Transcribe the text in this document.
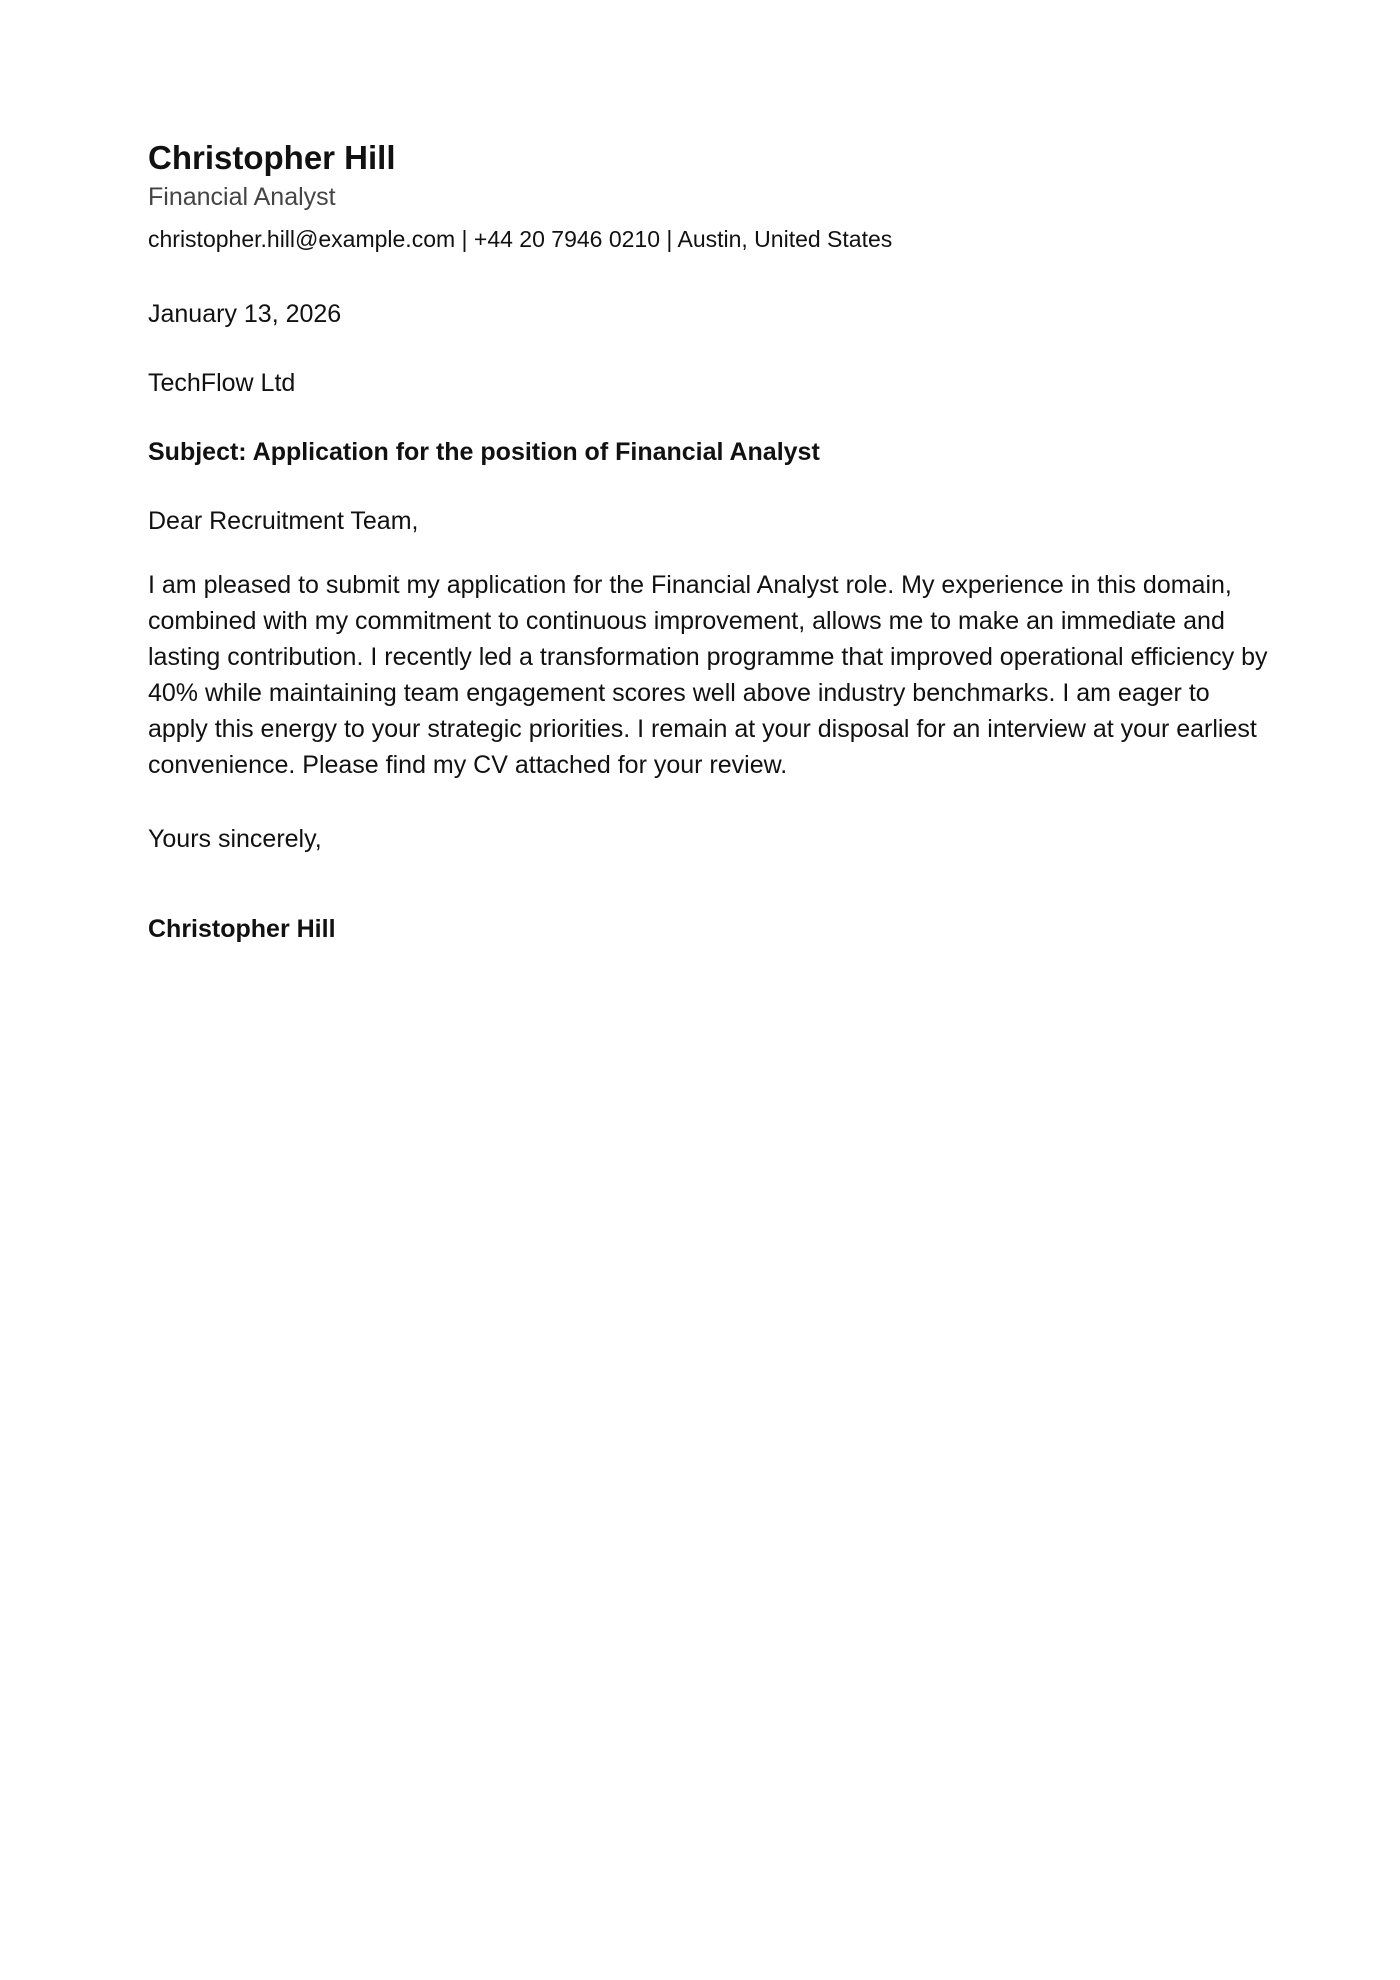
Christopher Hill
Financial Analyst
christopher.hill@example.com | +44 20 7946 0210 | Austin, United States
January 13, 2026
TechFlow Ltd
Subject: Application for the position of Financial Analyst
Dear Recruitment Team,
I am pleased to submit my application for the Financial Analyst role. My experience in this domain, combined with my commitment to continuous improvement, allows me to make an immediate and lasting contribution. I recently led a transformation programme that improved operational efficiency by 40% while maintaining team engagement scores well above industry benchmarks. I am eager to apply this energy to your strategic priorities. I remain at your disposal for an interview at your earliest convenience. Please find my CV attached for your review.
Yours sincerely,
Christopher Hill
